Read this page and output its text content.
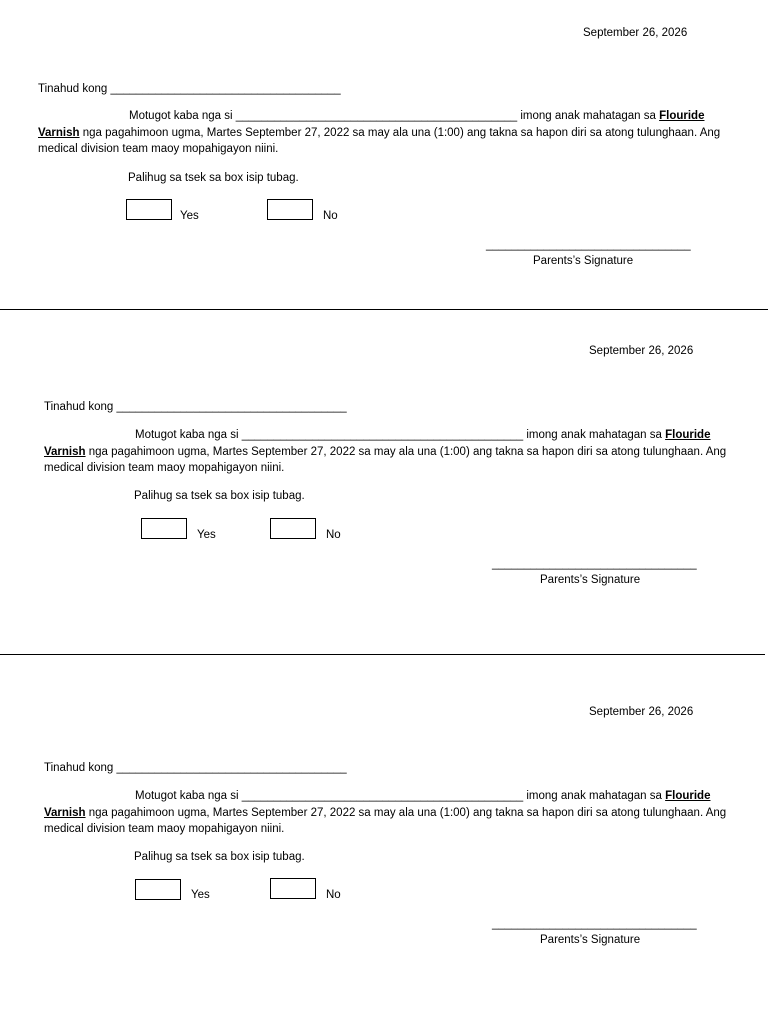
September 26, 2026
Tinahud kong ____________________________________

Motugot kaba nga si ____________________________________________ imong anak mahatagan sa Flouride Varnish nga pagahimoon ugma, Martes September 27, 2022 sa may ala una (1:00) ang takna sa hapon diri sa atong tulunghaan. Ang medical division team maoy mopahigayon niini.

Palihug sa tsek sa box isip tubag.
Yes	No
________________________________
Parents’s Signature
September 26, 2026
Tinahud kong ____________________________________

Motugot kaba nga si ____________________________________________ imong anak mahatagan sa Flouride Varnish nga pagahimoon ugma, Martes September 27, 2022 sa may ala una (1:00) ang takna sa hapon diri sa atong tulunghaan. Ang medical division team maoy mopahigayon niini.

Palihug sa tsek sa box isip tubag.
Yes	No
________________________________
Parents’s Signature
September 26, 2026
Tinahud kong ____________________________________

Motugot kaba nga si ____________________________________________ imong anak mahatagan sa Flouride Varnish nga pagahimoon ugma, Martes September 27, 2022 sa may ala una (1:00) ang takna sa hapon diri sa atong tulunghaan. Ang medical division team maoy mopahigayon niini.

Palihug sa tsek sa box isip tubag.
Yes	No
________________________________
Parents’s Signature
